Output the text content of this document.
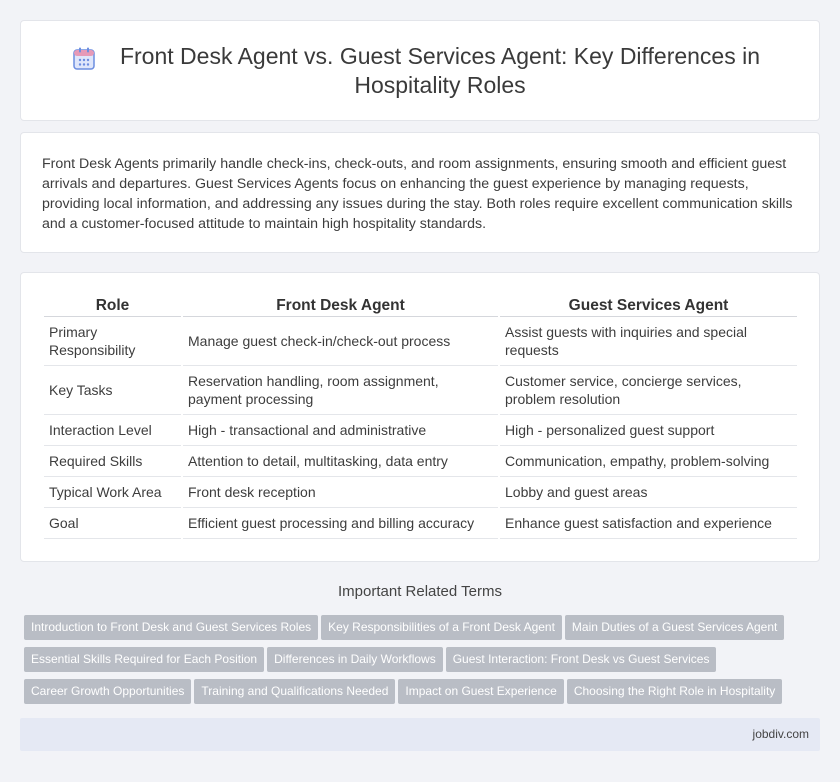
Front Desk Agent vs. Guest Services Agent: Key Differences in Hospitality Roles

Front Desk Agents primarily handle check-ins, check-outs, and room assignments, ensuring smooth and efficient guest arrivals and departures. Guest Services Agents focus on enhancing the guest experience by managing requests, providing local information, and addressing any issues during the stay. Both roles require excellent communication skills and a customer-focused attitude to maintain high hospitality standards.

Role	Front Desk Agent	Guest Services Agent
Primary Responsibility	Manage guest check-in/check-out process	Assist guests with inquiries and special requests
Key Tasks	Reservation handling, room assignment, payment processing	Customer service, concierge services, problem resolution
Interaction Level	High - transactional and administrative	High - personalized guest support
Required Skills	Attention to detail, multitasking, data entry	Communication, empathy, problem-solving
Typical Work Area	Front desk reception	Lobby and guest areas
Goal	Efficient guest processing and billing accuracy	Enhance guest satisfaction and experience
Important Related Terms
Introduction to Front Desk and Guest Services Roles Key Responsibilities of a Front Desk Agent Main Duties of a Guest Services Agent
Essential Skills Required for Each Position Differences in Daily Workflows Guest Interaction: Front Desk vs Guest Services
Career Growth Opportunities Training and Qualifications Needed Impact on Guest Experience Choosing the Right Role in Hospitality
jobdiv.com
